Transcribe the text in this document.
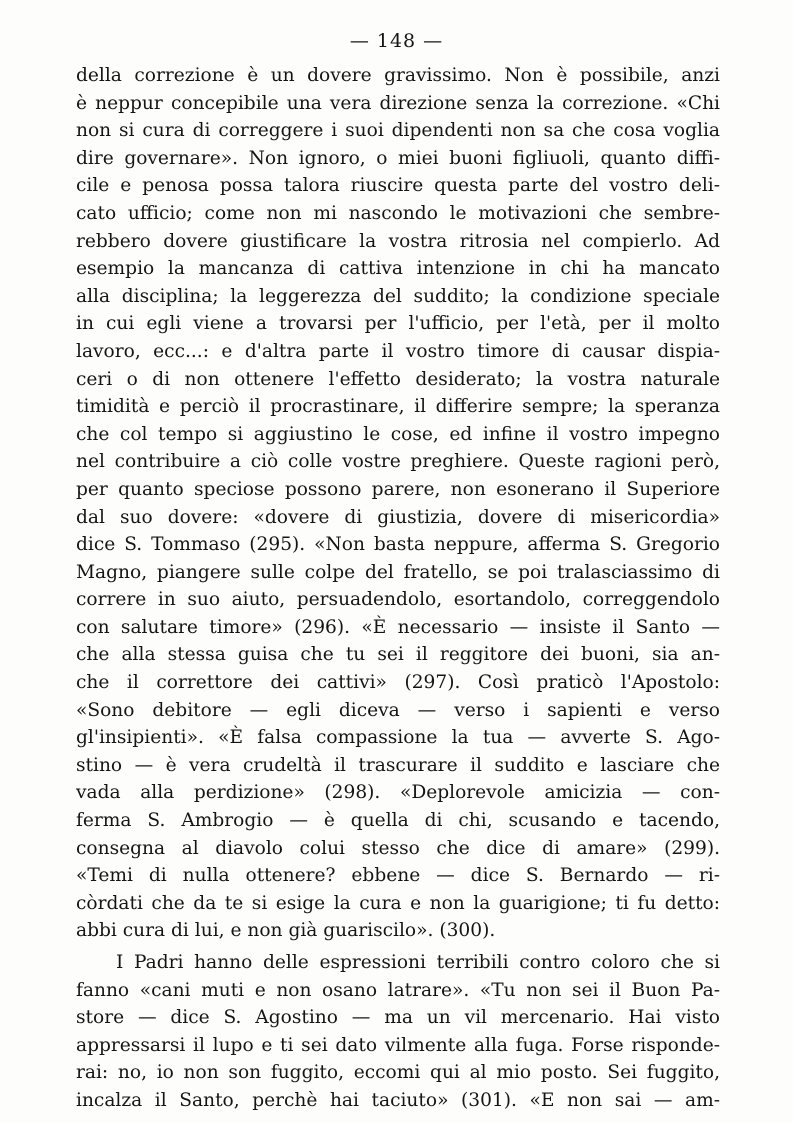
— 148 —
della correzione è un dovere gravissimo. Non è possibile, anzi
è neppur concepibile una vera direzione senza la correzione. «Chi
non si cura di correggere i suoi dipendenti non sa che cosa voglia
dire governare». Non ignoro, o miei buoni figliuoli, quanto diffi-
cile e penosa possa talora riuscire questa parte del vostro deli-
cato ufficio; come non mi nascondo le motivazioni che sembre-
rebbero dovere giustificare la vostra ritrosia nel compierlo. Ad
esempio la mancanza di cattiva intenzione in chi ha mancato
alla disciplina; la leggerezza del suddito; la condizione speciale
in cui egli viene a trovarsi per l'ufficio, per l'età, per il molto
lavoro, ecc...: e d'altra parte il vostro timore di causar dispia-
ceri o di non ottenere l'effetto desiderato; la vostra naturale
timidità e perciò il procrastinare, il differire sempre; la speranza
che col tempo si aggiustino le cose, ed infine il vostro impegno
nel contribuire a ciò colle vostre preghiere. Queste ragioni però,
per quanto speciose possono parere, non esonerano il Superiore
dal suo dovere: «dovere di giustizia, dovere di misericordia»
dice S. Tommaso (295). «Non basta neppure, afferma S. Gregorio
Magno, piangere sulle colpe del fratello, se poi tralasciassimo di
correre in suo aiuto, persuadendolo, esortandolo, correggendolo
con salutare timore» (296). «È necessario — insiste il Santo —
che alla stessa guisa che tu sei il reggitore dei buoni, sia an-
che il correttore dei cattivi» (297). Così praticò l'Apostolo:
«Sono debitore — egli diceva — verso i sapienti e verso
gl'insipienti». «È falsa compassione la tua — avverte S. Ago-
stino — è vera crudeltà il trascurare il suddito e lasciare che
vada alla perdizione» (298). «Deplorevole amicizia — con-
ferma S. Ambrogio — è quella di chi, scusando e tacendo,
consegna al diavolo colui stesso che dice di amare» (299).
«Temi di nulla ottenere? ebbene — dice S. Bernardo — ri-
còrdati che da te si esige la cura e non la guarigione; ti fu detto:
abbi cura di lui, e non già guariscilo». (300).
I Padri hanno delle espressioni terribili contro coloro che si
fanno «cani muti e non osano latrare». «Tu non sei il Buon Pa-
store — dice S. Agostino — ma un vil mercenario. Hai visto
appressarsi il lupo e ti sei dato vilmente alla fuga. Forse risponde-
rai: no, io non son fuggito, eccomi qui al mio posto. Sei fuggito,
incalza il Santo, perchè hai taciuto» (301). «E non sai — am-
